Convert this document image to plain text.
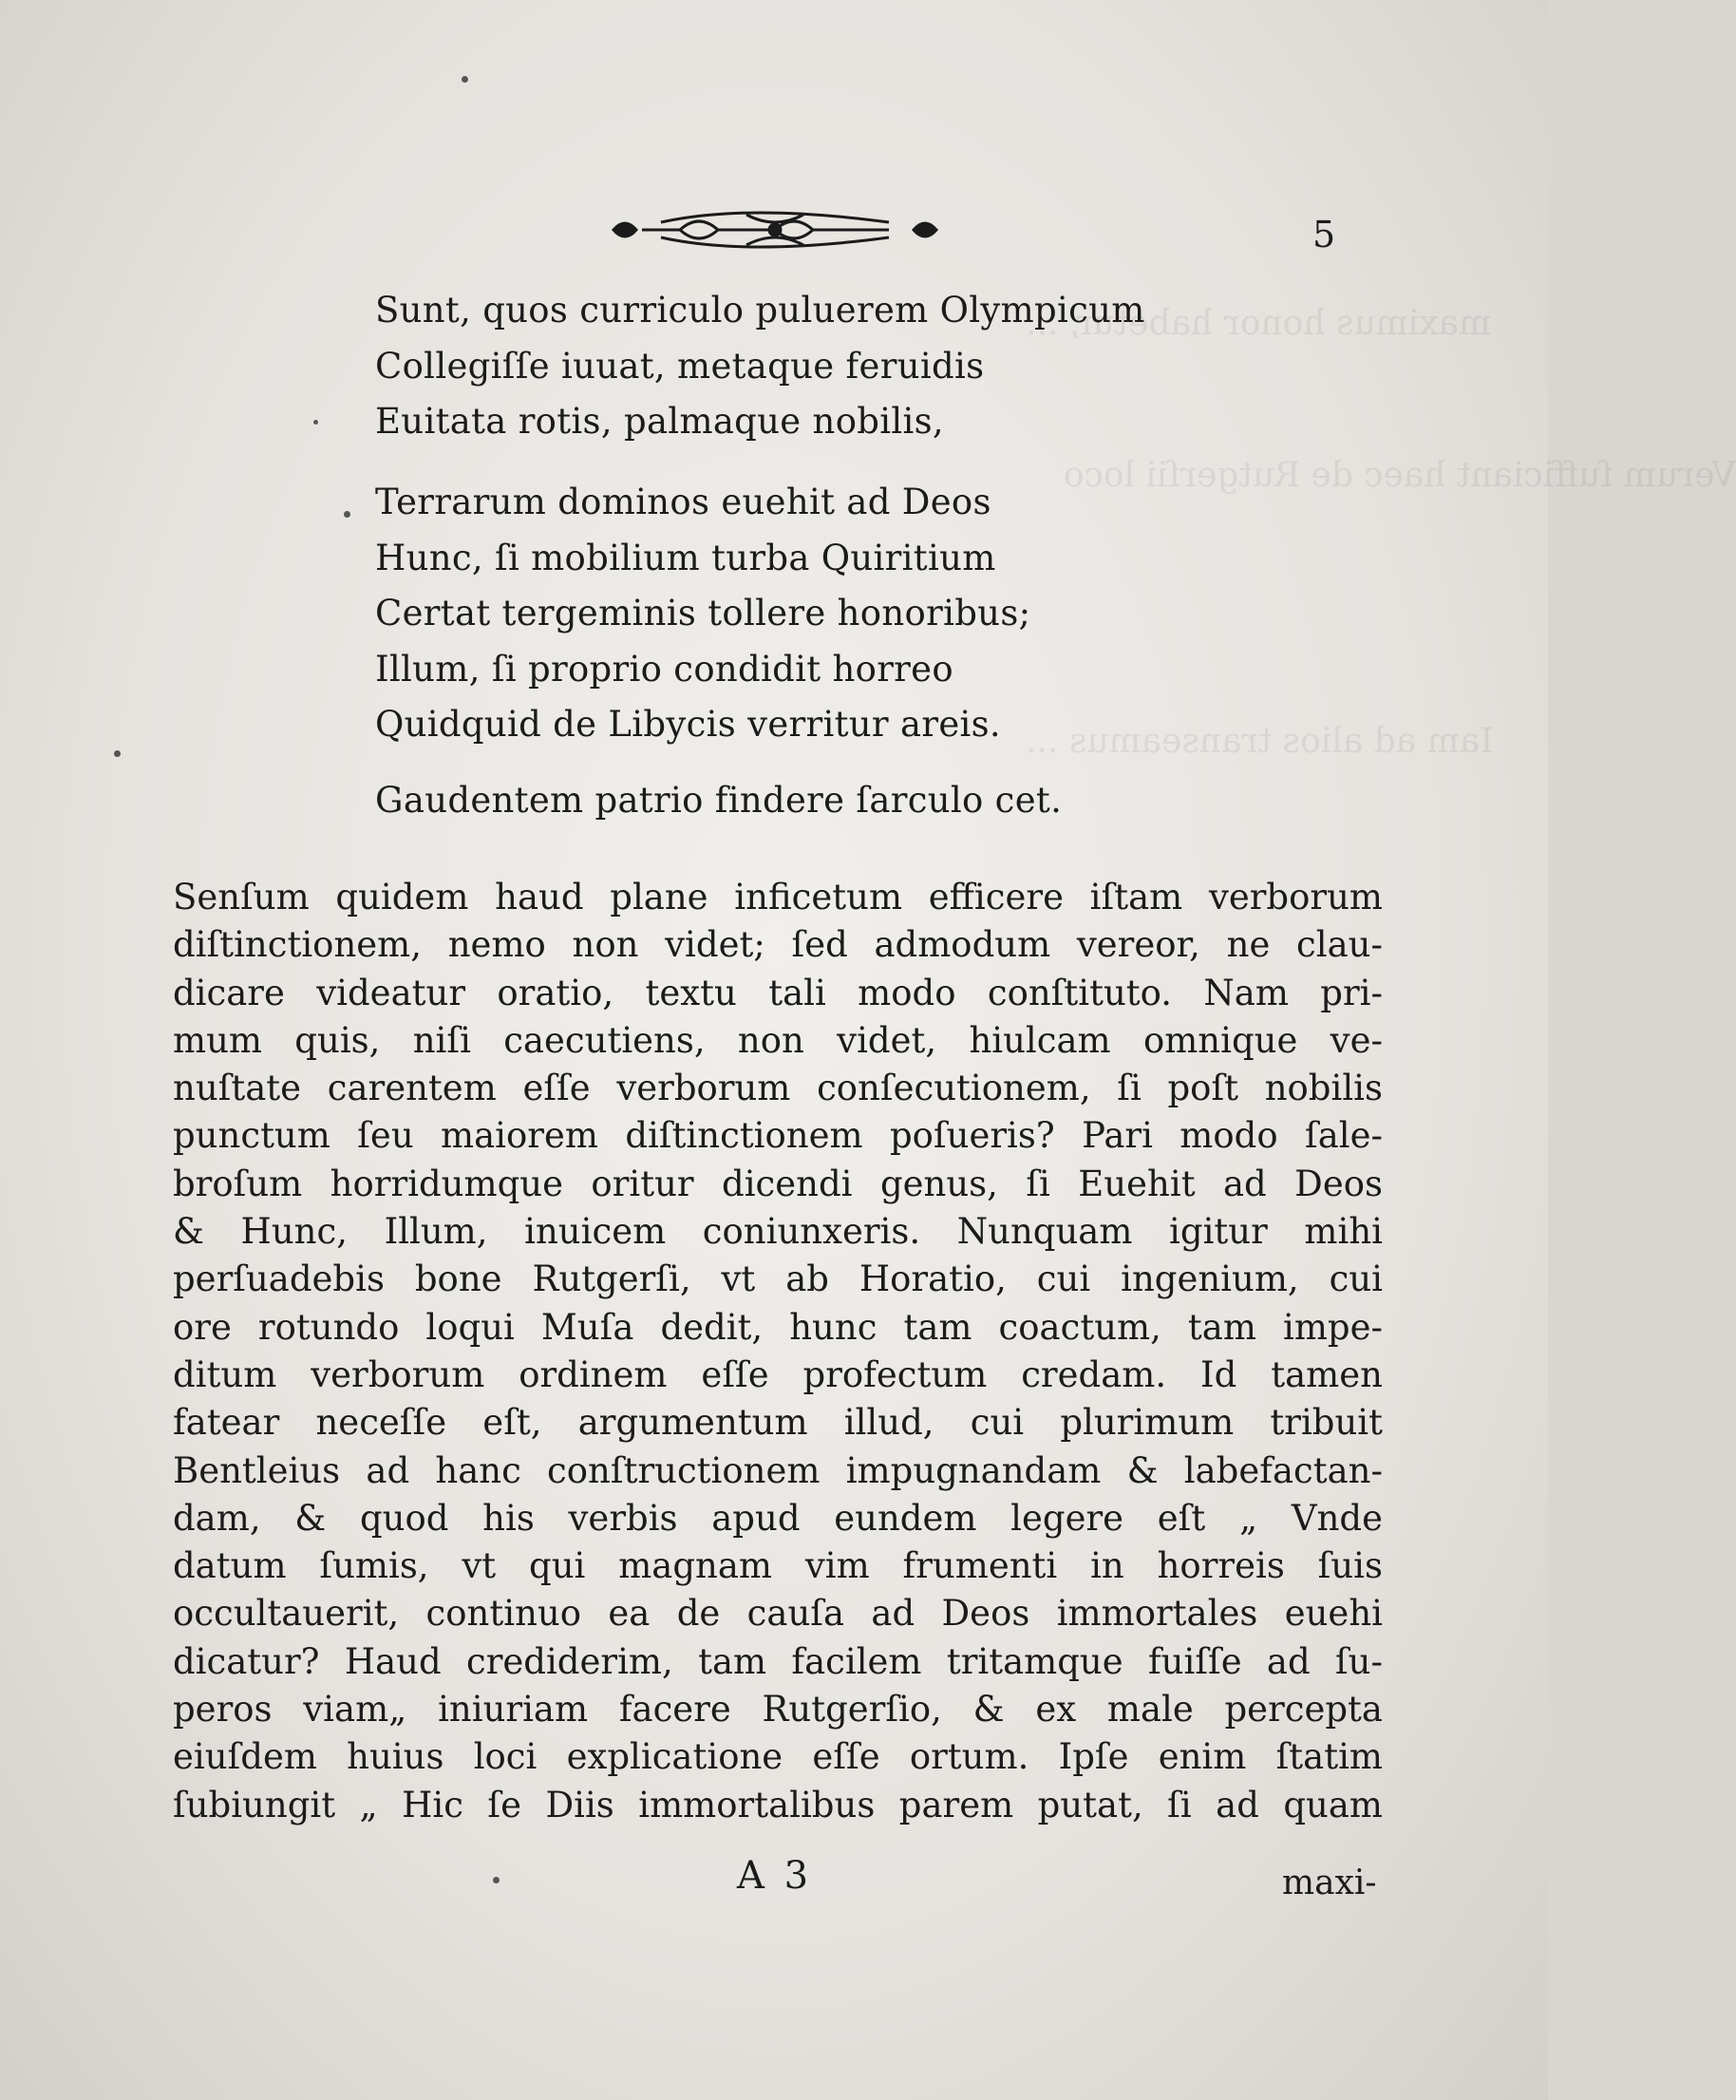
maximus honor habetur, ...
Verum ſufficiant haec de Rutgerſii loco
Iam ad alios transeamus ...
5
Sunt, quos curriculo puluerem Olympicum
Collegiſſe iuuat, metaque feruidis
Euitata rotis, palmaque nobilis,
Terrarum dominos euehit ad Deos
Hunc, ſi mobilium turba Quiritium
Certat tergeminis tollere honoribus;
Illum, ſi proprio condidit horreo
Quidquid de Libycis verritur areis.
Gaudentem patrio findere ſarculo cet.
Senſum quidem haud plane inficetum efficere iſtam verborum
diſtinctionem, nemo non videt; ſed admodum vereor, ne clau-
dicare videatur oratio, textu tali modo conſtituto. Nam pri-
mum quis, niſi caecutiens, non videt, hiulcam omnique ve-
nuſtate carentem eſſe verborum conſecutionem, ſi poſt nobilis
punctum ſeu maiorem diſtinctionem poſueris? Pari modo ſale-
broſum horridumque oritur dicendi genus, ſi Euehit ad Deos
& Hunc, Illum, inuicem coniunxeris. Nunquam igitur mihi
perſuadebis bone Rutgerſi, vt ab Horatio, cui ingenium, cui
ore rotundo loqui Muſa dedit, hunc tam coactum, tam impe-
ditum verborum ordinem eſſe profectum credam. Id tamen
fatear neceſſe eſt, argumentum illud, cui plurimum tribuit
Bentleius ad hanc conſtructionem impugnandam & labefactan-
dam, & quod his verbis apud eundem legere eſt „ Vnde
datum ſumis, vt qui magnam vim frumenti in horreis ſuis
occultauerit, continuo ea de cauſa ad Deos immortales euehi
dicatur? Haud crediderim, tam facilem tritamque fuiſſe ad ſu-
peros viam„ iniuriam facere Rutgerſio, & ex male percepta
eiuſdem huius loci explicatione eſſe ortum. Ipſe enim ſtatim
ſubiungit „ Hic ſe Diis immortalibus parem putat, ſi ad quam
A 3	maxi-
